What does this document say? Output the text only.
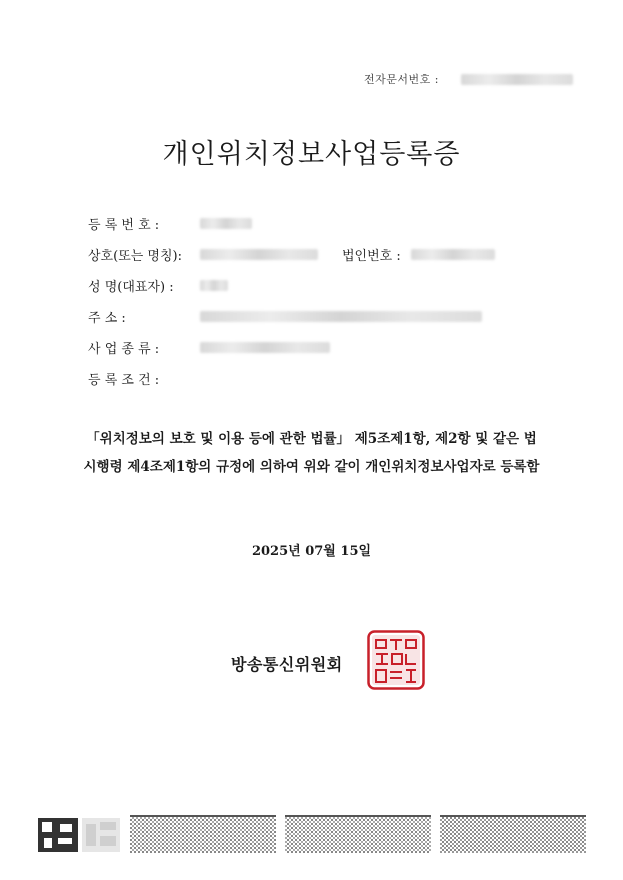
전자문서번호 :
개인위치정보사업등록증
등 록 번 호 :
상호(또는 명칭):	법인번호 :
성 명(대표자) :
주 소 :
사 업 종 류 :
등 록 조 건 :
「위치정보의 보호 및 이용 등에 관한 법률」 제5조제1항, 제2항 및 같은 법
시행령 제4조제1항의 규정에 의하여 위와 같이 개인위치정보사업자로 등록함
2025년 07월 15일
방송통신위원회
